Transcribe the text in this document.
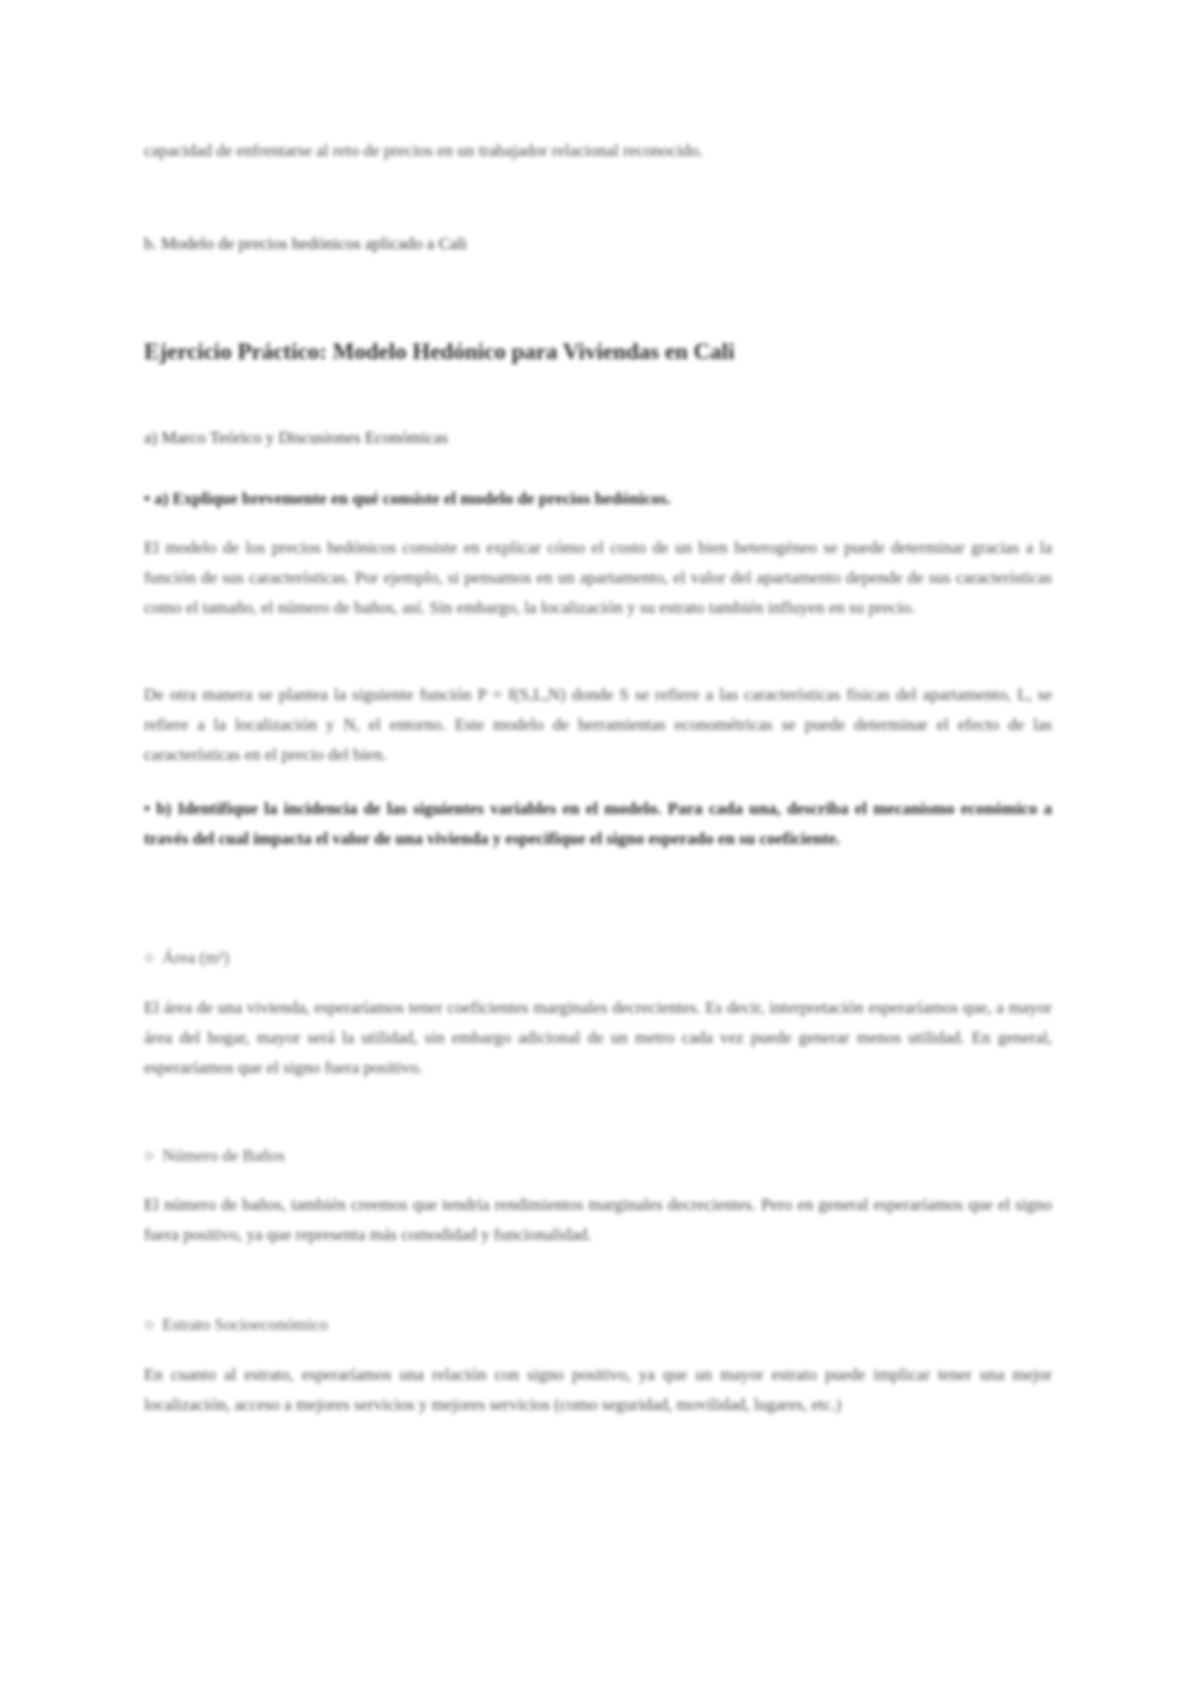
capacidad de enfrentarse al reto de precios en un trabajador relacional reconocido.

b. Modelo de precios hedónicos aplicado a Cali

Ejercicio Práctico: Modelo Hedónico para Viviendas en Cali

a) Marco Teórico y Discusiones Económicas

• a) Explique brevemente en qué consiste el modelo de precios hedónicos.

El modelo de los precios hedónicos consiste en explicar cómo el costo de un bien heterogéneo se puede determinar gracias a la función de sus características. Por ejemplo, si pensamos en un apartamento, el valor del apartamento depende de sus características como el tamaño, el número de baños, así. Sin embargo, la localización y su estrato también influyen en su precio.

De otra manera se plantea la siguiente función P = f(S,L,N) donde S se refiere a las características físicas del apartamento, L, se refiere a la localización y N, el entorno. Este modelo de herramientas econométricas se puede determinar el efecto de las características en el precio del bien.

• b) Identifique la incidencia de las siguientes variables en el modelo. Para cada una, describa el mecanismo económico a través del cual impacta el valor de una vivienda y especifique el signo esperado en su coeficiente.

○ Área (m²)

El área de una vivienda, esperaríamos tener coeficientes marginales decrecientes. Es decir, interpretación esperaríamos que, a mayor área del hogar, mayor será la utilidad, sin embargo adicional de un metro cada vez puede generar menos utilidad. En general, esperaríamos que el signo fuera positivo.

○ Número de Baños

El número de baños, también creemos que tendría rendimientos marginales decrecientes. Pero en general esperaríamos que el signo fuera positivo, ya que representa más comodidad y funcionalidad.

○ Estrato Socioeconómico

En cuanto al estrato, esperaríamos una relación con signo positivo, ya que un mayor estrato puede implicar tener una mejor localización, acceso a mejores servicios y mejores servicios (como seguridad, movilidad, lugares, etc.)
